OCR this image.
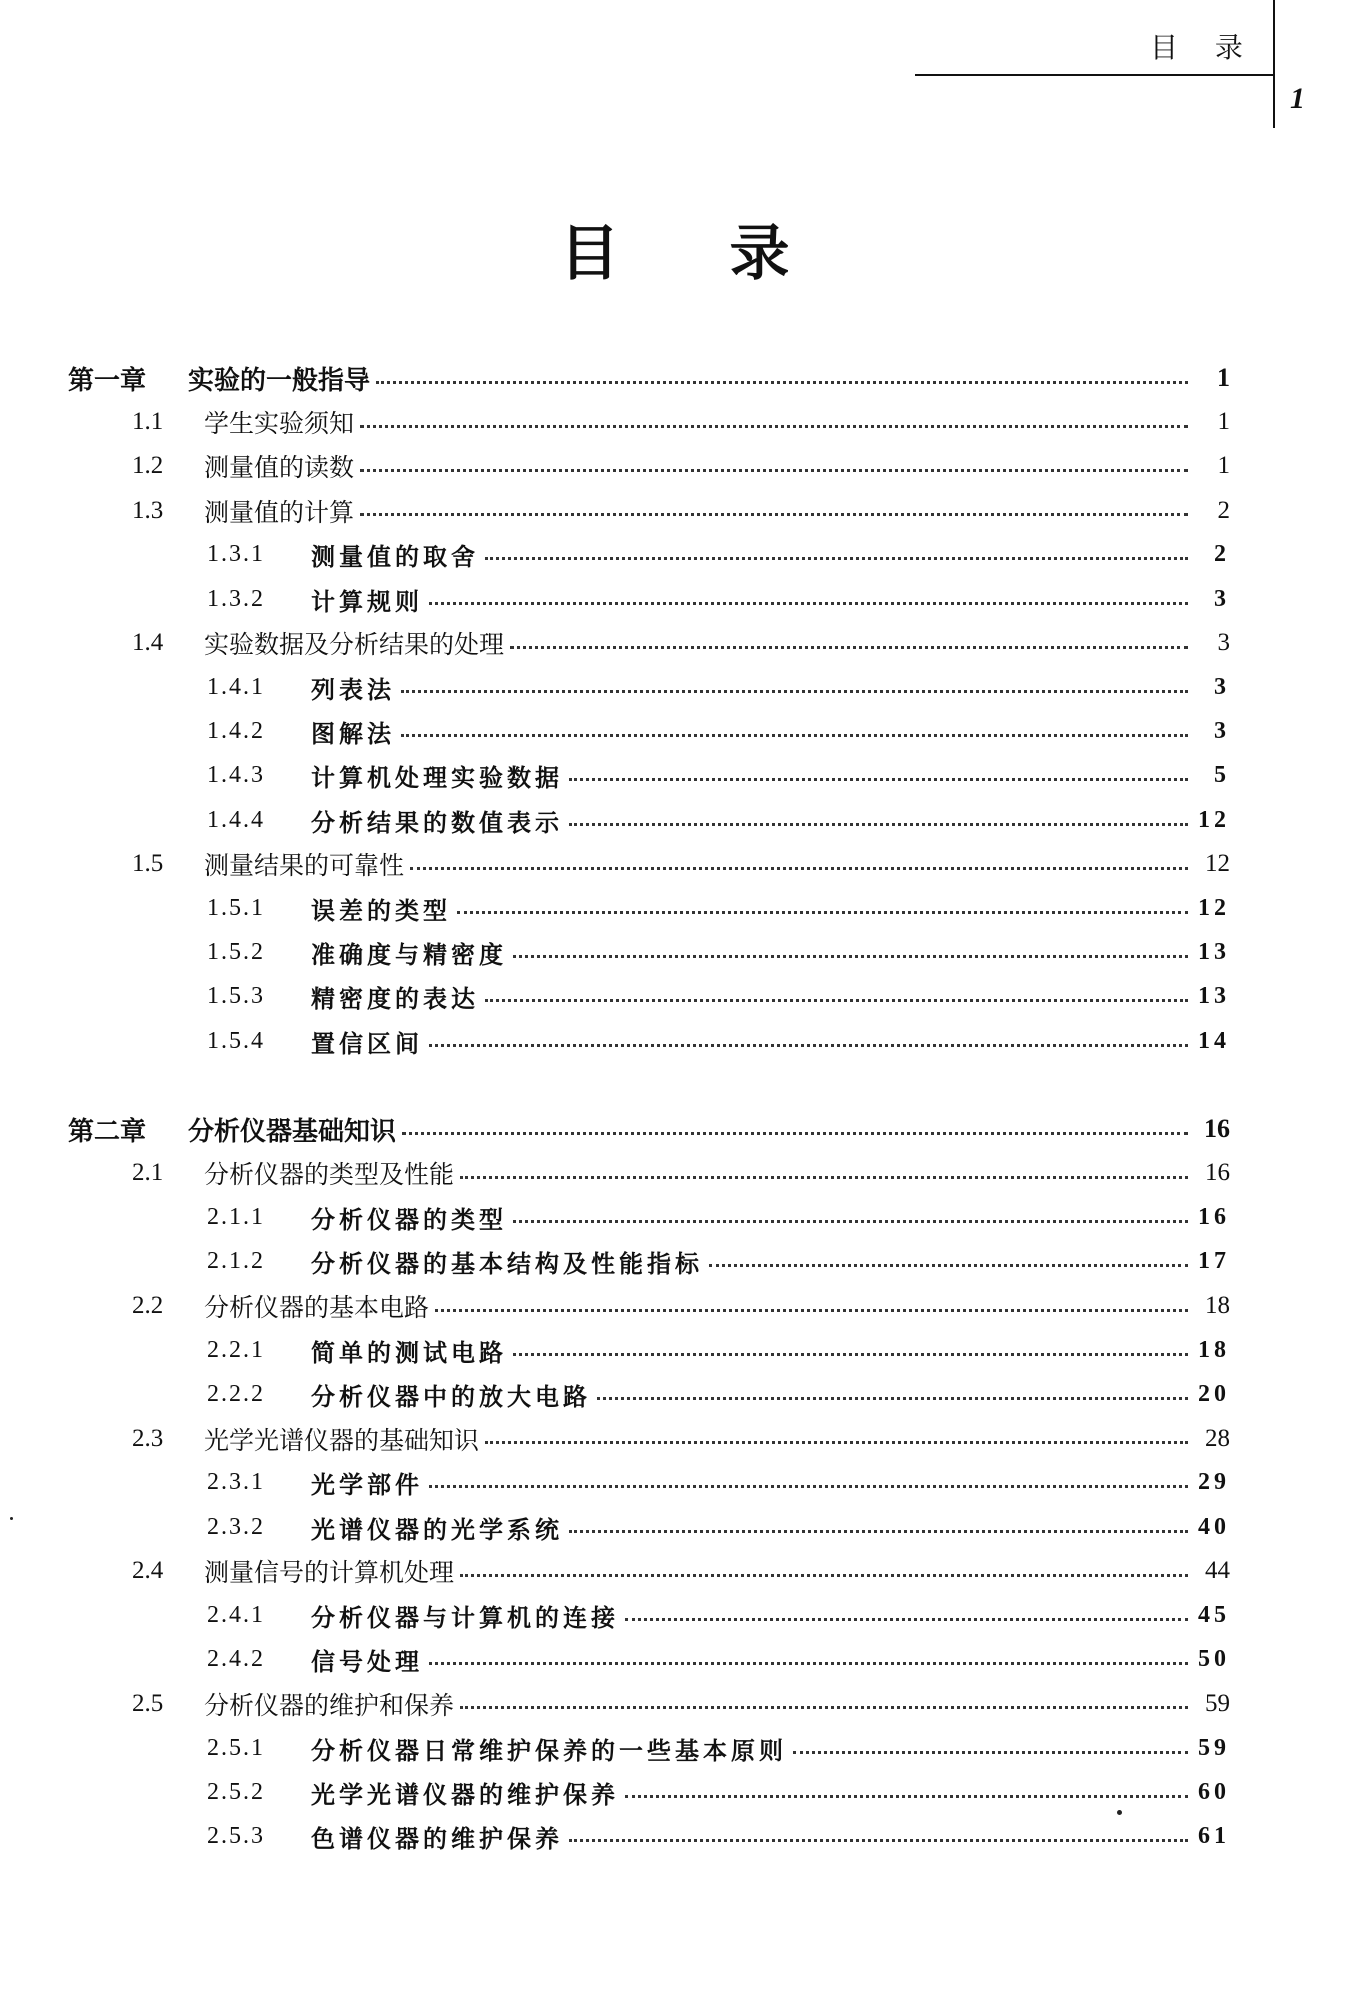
目 录
1
目录
第一章	实验的一般指导	1
1.1	学生实验须知	1
1.2	测量值的读数	1
1.3	测量值的计算	2
1.3.1	测量值的取舍	2
1.3.2	计算规则	3
1.4	实验数据及分析结果的处理	3
1.4.1	列表法	3
1.4.2	图解法	3
1.4.3	计算机处理实验数据	5
1.4.4	分析结果的数值表示	12
1.5	测量结果的可靠性	12
1.5.1	误差的类型	12
1.5.2	准确度与精密度	13
1.5.3	精密度的表达	13
1.5.4	置信区间	14
第二章	分析仪器基础知识	16
2.1	分析仪器的类型及性能	16
2.1.1	分析仪器的类型	16
2.1.2	分析仪器的基本结构及性能指标	17
2.2	分析仪器的基本电路	18
2.2.1	简单的测试电路	18
2.2.2	分析仪器中的放大电路	20
2.3	光学光谱仪器的基础知识	28
2.3.1	光学部件	29
2.3.2	光谱仪器的光学系统	40
2.4	测量信号的计算机处理	44
2.4.1	分析仪器与计算机的连接	45
2.4.2	信号处理	50
2.5	分析仪器的维护和保养	59
2.5.1	分析仪器日常维护保养的一些基本原则	59
2.5.2	光学光谱仪器的维护保养	60
2.5.3	色谱仪器的维护保养	61
